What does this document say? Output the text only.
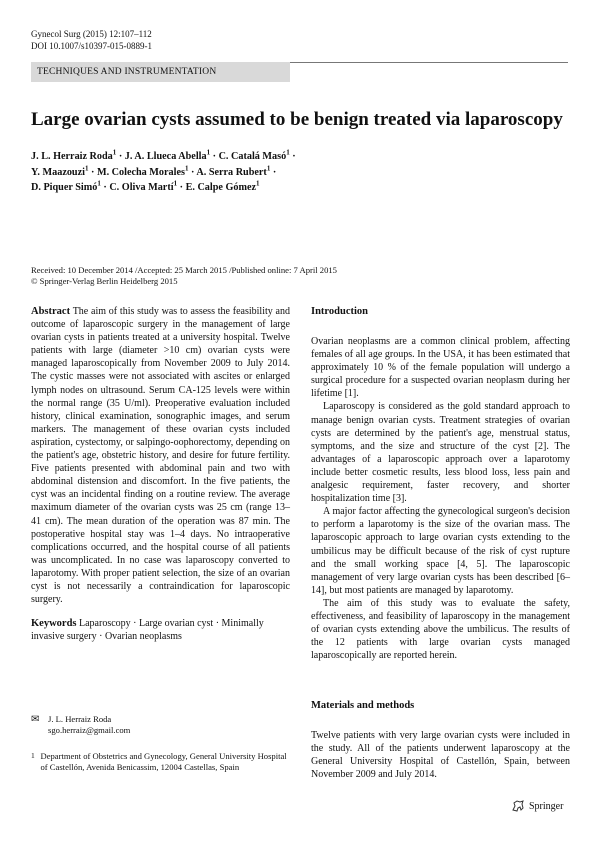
Gynecol Surg (2015) 12:107–112
DOI 10.1007/s10397-015-0889-1
TECHNIQUES AND INSTRUMENTATION
Large ovarian cysts assumed to be benign treated via laparoscopy
J. L. Herraiz Roda$^1$ · J. A. Llueca Abella$^1$ · C. Catalá Masó$^1$ ·
Y. Maazouzi$^1$ · M. Colecha Morales$^1$ · A. Serra Rubert$^1$ ·
D. Piquer Simó$^1$ · C. Oliva Martí$^1$ · E. Calpe Gómez$^1$
Received: 10 December 2014 /Accepted: 25 March 2015 /Published online: 7 April 2015
© Springer-Verlag Berlin Heidelberg 2015

Abstract The aim of this study was to assess the feasibility and outcome of laparoscopic surgery in the management of large ovarian cysts in patients treated at a university hospital. Twelve patients with large (diameter >10 cm) ovarian cysts were managed laparoscopically from November 2009 to July 2014. The cystic masses were not associated with ascites or enlarged lymph nodes on ultrasound. Serum CA-125 levels were within the normal range (35 U/ml). Preoperative evaluation included history, clinical examination, sonographic images, and serum markers. The management of these ovarian cysts included aspiration, cystectomy, or salpingo-oophorectomy, depending on the patient's age, obstetric history, and desire for future fertility. Five patients presented with abdominal pain and two with abdominal distension and discomfort. In the five patients, the cyst was an incidental finding on a routine review. The average maximum diameter of the ovarian cysts was 25 cm (range 13–41 cm). The mean duration of the operation was 87 min. The postoperative hospital stay was 1–4 days. No intraoperative complications occurred, and the hospital course of all patients was uncomplicated. In no case was laparoscopy converted to laparotomy. With proper patient selection, the size of an ovarian cyst is not necessarily a contraindication for laparoscopic surgery.

Keywords Laparoscopy · Large ovarian cyst · Minimally invasive surgery · Ovarian neoplasms
✉	J. L. Herraiz Roda
sgo.herraiz@gmail.com
1 Department of Obstetrics and Gynecology, General University Hospital of Castellón, Avenida Benicassim, 12004 Castellas, Spain
Introduction

Ovarian neoplasms are a common clinical problem, affecting females of all age groups. In the USA, it has been estimated that approximately 10 % of the female population will undergo a surgical procedure for a suspected ovarian neoplasm during her lifetime [1].

Laparoscopy is considered as the gold standard approach to manage benign ovarian cysts. Treatment strategies of ovarian cysts are determined by the patient's age, menstrual status, symptoms, and the size and structure of the cyst [2]. The advantages of a laparoscopic approach over a laparotomy include better cosmetic results, less blood loss, less pain and analgesic requirement, faster recovery, and shorter hospitalization time [3].

A major factor affecting the gynecological surgeon's decision to perform a laparotomy is the size of the ovarian mass. The laparoscopic approach to large ovarian cysts extending to the umbilicus may be difficult because of the risk of cyst rupture and the small working space [4, 5]. The laparoscopic management of very large ovarian cysts has been described [6–14], but most patients are managed by laparotomy.

The aim of this study was to evaluate the safety, effectiveness, and feasibility of laparoscopy in the management of ovarian cysts extending above the umbilicus. The results of the 12 patients with large ovarian cysts managed laparoscopically are reported herein.

Materials and methods

Twelve patients with very large ovarian cysts were included in the study. All of the patients underwent laparoscopy at the General University Hospital of Castellón, Spain, between November 2009 and July 2014.

Springer
